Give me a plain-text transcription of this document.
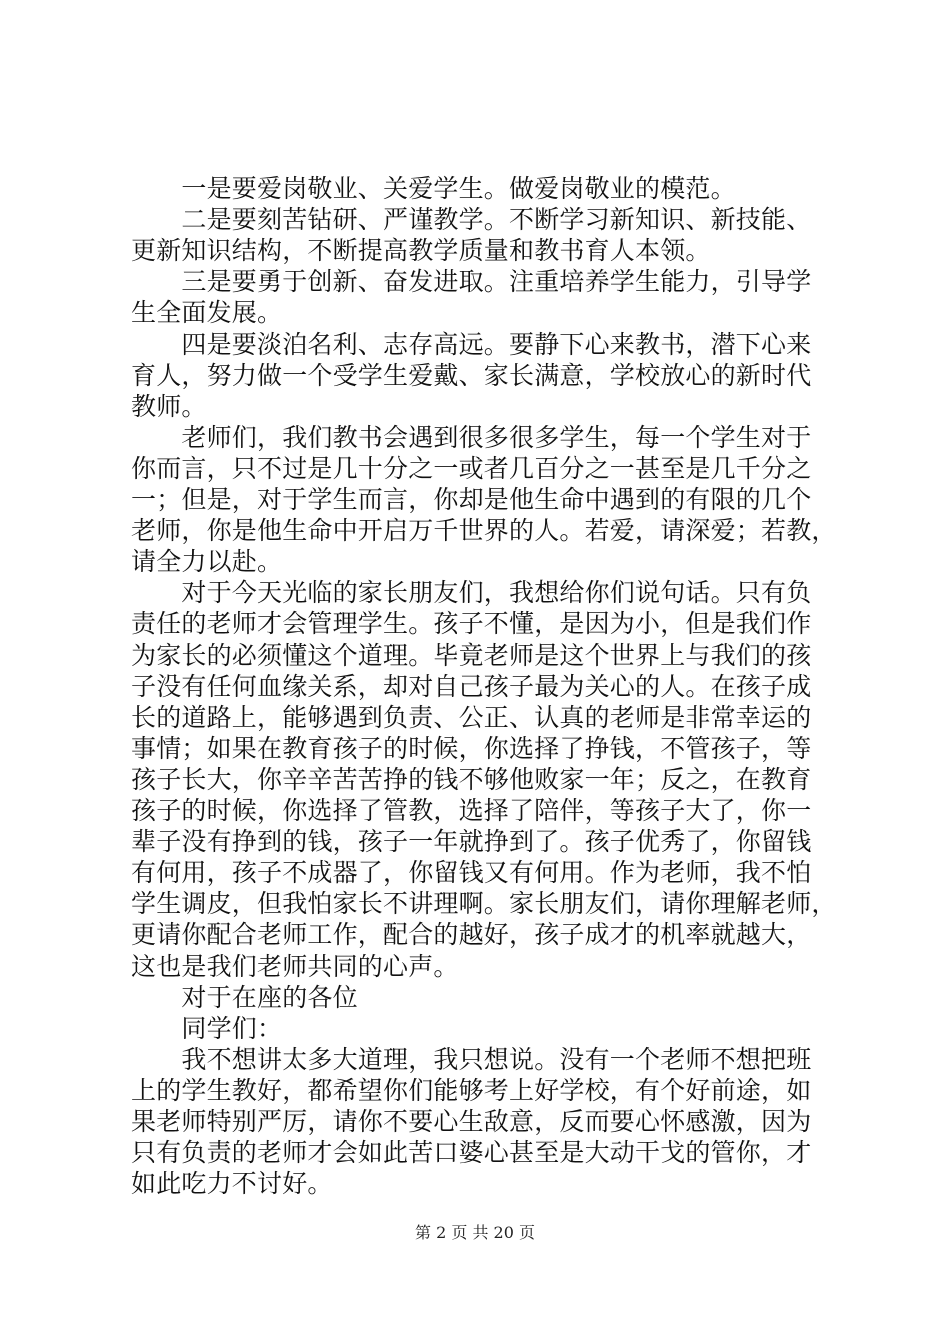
　　一是要爱岗敬业、关爱学生。做爱岗敬业的模范。
　　二是要刻苦钻研、严谨教学。不断学习新知识、新技能、
更新知识结构，不断提高教学质量和教书育人本领。
　　三是要勇于创新、奋发进取。注重培养学生能力，引导学
生全面发展。
　　四是要淡泊名利、志存高远。要静下心来教书，潜下心来
育人，努力做一个受学生爱戴、家长满意，学校放心的新时代
教师。
　　老师们，我们教书会遇到很多很多学生，每一个学生对于
你而言，只不过是几十分之一或者几百分之一甚至是几千分之
一；但是，对于学生而言，你却是他生命中遇到的有限的几个
老师，你是他生命中开启万千世界的人。若爱，请深爱；若教，
请全力以赴。
　　对于今天光临的家长朋友们，我想给你们说句话。只有负
责任的老师才会管理学生。孩子不懂，是因为小，但是我们作
为家长的必须懂这个道理。毕竟老师是这个世界上与我们的孩
子没有任何血缘关系，却对自己孩子最为关心的人。在孩子成
长的道路上，能够遇到负责、公正、认真的老师是非常幸运的
事情；如果在教育孩子的时候，你选择了挣钱，不管孩子，等
孩子长大，你辛辛苦苦挣的钱不够他败家一年；反之，在教育
孩子的时候，你选择了管教，选择了陪伴，等孩子大了，你一
辈子没有挣到的钱，孩子一年就挣到了。孩子优秀了，你留钱
有何用，孩子不成器了，你留钱又有何用。作为老师，我不怕
学生调皮，但我怕家长不讲理啊。家长朋友们，请你理解老师，
更请你配合老师工作，配合的越好，孩子成才的机率就越大，
这也是我们老师共同的心声。
　　对于在座的各位
　　同学们：
　　我不想讲太多大道理，我只想说。没有一个老师不想把班
上的学生教好，都希望你们能够考上好学校，有个好前途，如
果老师特别严厉，请你不要心生敌意，反而要心怀感激，因为
只有负责的老师才会如此苦口婆心甚至是大动干戈的管你，才
如此吃力不讨好。
第 2 页 共 20 页
